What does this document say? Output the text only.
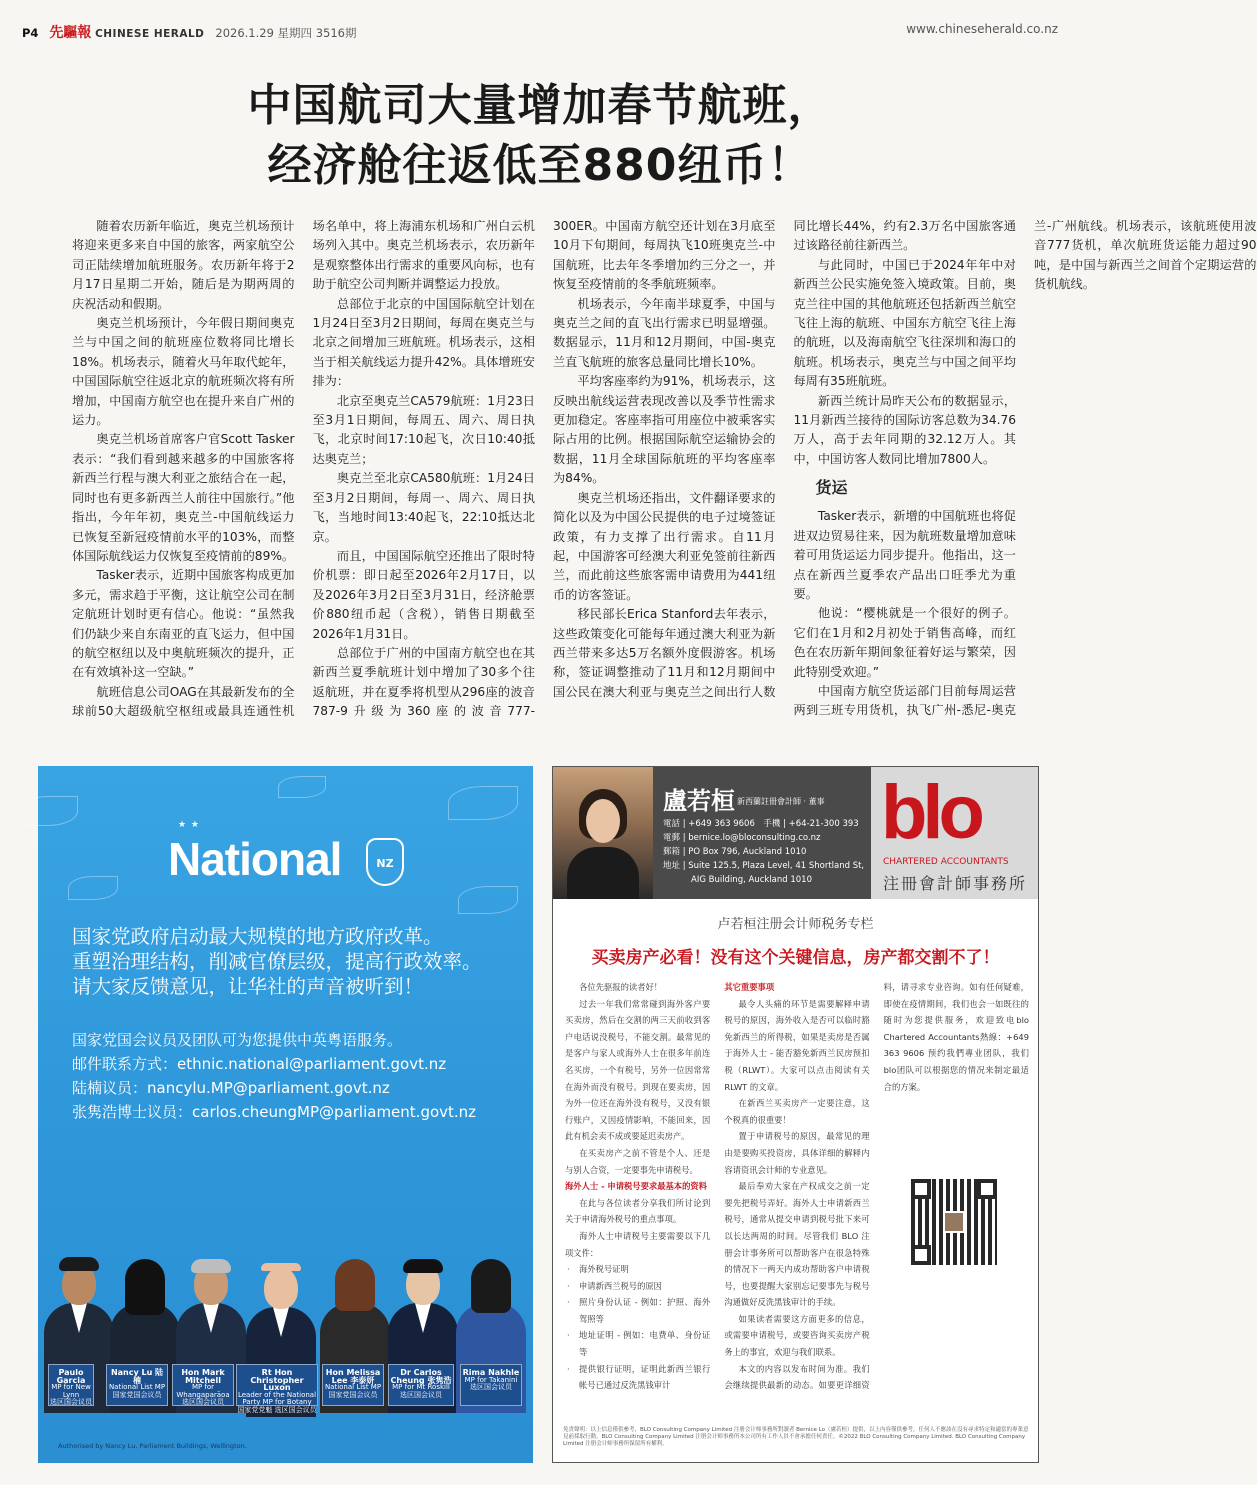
P4 先驅報 CHINESE HERALD 2026.1.29 星期四 3516期	www.chineseherald.co.nz
中国航司大量增加春节航班，
经济舱往返低至880纽币！

随着农历新年临近，奥克兰机场预计将迎来更多来自中国的旅客，两家航空公司正陆续增加航班服务。农历新年将于2月17日星期二开始，随后是为期两周的庆祝活动和假期。

奥克兰机场预计，今年假日期间奥克兰与中国之间的航班座位数将同比增长18%。机场表示，随着火马年取代蛇年，中国国际航空往返北京的航班频次将有所增加，中国南方航空也在提升来自广州的运力。

奥克兰机场首席客户官Scott Tasker表示：“我们看到越来越多的中国旅客将新西兰行程与澳大利亚之旅结合在一起，同时也有更多新西兰人前往中国旅行。”他指出，今年年初，奥克兰-中国航线运力已恢复至新冠疫情前水平的103%，而整体国际航线运力仅恢复至疫情前的89%。

Tasker表示，近期中国旅客构成更加多元，需求趋于平衡，这让航空公司在制定航班计划时更有信心。他说：“虽然我们仍缺少来自东南亚的直飞运力，但中国的航空枢纽以及中奥航班频次的提升，正在有效填补这一空缺。”

航班信息公司OAG在其最新发布的全球前50大超级航空枢纽或最具连通性机场名单中，将上海浦东机场和广州白云机场列入其中。奥克兰机场表示，农历新年是观察整体出行需求的重要风向标，也有助于航空公司判断并调整运力投放。

总部位于北京的中国国际航空计划在1月24日至3月2日期间，每周在奥克兰与北京之间增加三班航班。机场表示，这相当于相关航线运力提升42%。具体增班安排为：

北京至奥克兰CA579航班：1月23日至3月1日期间，每周五、周六、周日执飞，北京时间17:10起飞，次日10:40抵达奥克兰；

奥克兰至北京CA580航班：1月24日至3月2日期间，每周一、周六、周日执飞，当地时间13:40起飞，22:10抵达北京。

而且，中国国际航空还推出了限时特价机票：即日起至2026年2月17日，以及2026年3月2日至3月31日，经济舱票价880纽币起（含税），销售日期截至2026年1月31日。

总部位于广州的中国南方航空也在其新西兰夏季航班计划中增加了30多个往返航班，并在夏季将机型从296座的波音787-9升级为360座的波音777-300ER。中国南方航空还计划在3月底至10月下旬期间，每周执飞10班奥克兰-中国航班，比去年冬季增加约三分之一，并恢复至疫情前的冬季航班频率。

机场表示，今年南半球夏季，中国与奥克兰之间的直飞出行需求已明显增强。数据显示，11月和12月期间，中国-奥克兰直飞航班的旅客总量同比增长10%。

平均客座率约为91%，机场表示，这反映出航线运营表现改善以及季节性需求更加稳定。客座率指可用座位中被乘客实际占用的比例。根据国际航空运输协会的数据，11月全球国际航班的平均客座率为84%。

奥克兰机场还指出，文件翻译要求的简化以及为中国公民提供的电子过境签证政策，有力支撑了出行需求。自11月起，中国游客可经澳大利亚免签前往新西兰，而此前这些旅客需申请费用为441纽币的访客签证。

移民部长Erica Stanford去年表示，这些政策变化可能每年通过澳大利亚为新西兰带来多达5万名额外度假游客。机场称，签证调整推动了11月和12月期间中国公民在澳大利亚与奥克兰之间出行人数同比增长44%，约有2.3万名中国旅客通过该路径前往新西兰。

与此同时，中国已于2024年年中对新西兰公民实施免签入境政策。目前，奥克兰往中国的其他航班还包括新西兰航空飞往上海的航班、中国东方航空飞往上海的航班，以及海南航空飞往深圳和海口的航班。机场表示，奥克兰与中国之间平均每周有35班航班。

新西兰统计局昨天公布的数据显示，11月新西兰接待的国际访客总数为34.76万人，高于去年同期的32.12万人。其中，中国访客人数同比增加7800人。

货运

Tasker表示，新增的中国航班也将促进双边贸易往来，因为航班数量增加意味着可用货运运力同步提升。他指出，这一点在新西兰夏季农产品出口旺季尤为重要。

他说：“樱桃就是一个很好的例子。它们在1月和2月初处于销售高峰，而红色在农历新年期间象征着好运与繁荣，因此特别受欢迎。”

中国南方航空货运部门目前每周运营两到三班专用货机，执飞广州-悉尼-奥克兰-广州航线。机场表示，该航班使用波音777货机，单次航班货运能力超过90吨，是中国与新西兰之间首个定期运营的货机航线。

★ ★
National	NZ
国家党政府启动最大规模的地方政府改革。
重塑治理结构，削减官僚层级，提高行政效率。
请大家反馈意见，让华社的声音被听到！
国家党国会议员及团队可为您提供中英粤语服务。
邮件联系方式：ethnic.national@parliament.govt.nz
陆楠议员：nancylu.MP@parliament.govt.nz
张隽浩博士议员：carlos.cheungMP@parliament.govt.nz
Paulo Garcia
MP for New Lynn
选区国会议员
Nancy Lu 陆楠
National List MP
国家党国会议员
Hon Mark Mitchell
MP for Whangaparāoa
选区国会议员
Rt Hon Christopher Luxon
Leader of the National Party MP for Botany
国家党党魁 选区国会议员
Hon Melissa Lee 李泰妍
National List MP
国家党国会议员
Dr Carlos Cheung 张隽浩
MP for Mt Roskill
选区国会议员
Rima Nakhle
MP for Takanini
选区国会议员
Authorised by Nancy Lu, Parliament Buildings, Wellington.
盧若桓 新西蘭註冊會計師 · 董事
電話 | +649 363 9606　手機 | +64-21-300 393
電郵 | bernice.lo@bloconsulting.co.nz
郵箱 | PO Box 796, Auckland 1010
地址 | Suite 125.5, Plaza Level, 41 Shortland St,
AIG Building, Auckland 1010
blo
CHARTERED ACCOUNTANTS
注冊會計師事務所
卢若桓注册会计师税务专栏
买卖房产必看！没有这个关键信息，房产都交割不了！

各位先驱报的读者好！

过去一年我们常常碰到海外客户要买卖房，然后在交割的两三天前收到客户电话说没税号，不能交割。最常见的是客户与家人或海外人士在很多年前连名买房，一个有税号，另外一位因常常在海外而没有税号。到现在要卖房，因为外一位还在海外没有税号，又没有银行账户，又因疫情影响，不能回来，因此有机会卖不成或要延迟卖房产。

在买卖房产之前不管是个人、还是与别人合资，一定要事先申请税号。

海外人士 - 申请税号要求最基本的资料

在此与各位读者分享我们所讨论到关于申请海外税号的重点事项。

海外人士申请税号主要需要以下几项文件：

· 海外税号证明

· 申请新西兰税号的原因

· 照片身份认证 - 例如：护照、海外驾照等

· 地址证明 - 例如：电费单、身份证等

· 提供银行证明，证明此新西兰银行帐号已通过反洗黑钱审计

其它重要事项

最令人头痛的环节是需要解释申请税号的原因，海外收入是否可以临时豁免新西兰的所得税，如果是卖房是否属于海外人士 - 能否豁免新西兰民房预扣税（RLWT）。大家可以点击阅读有关 RLWT 的文章。

在新西兰买卖房产一定要注意，这个税真的很重要！

置于申请税号的原因，最常见的理由是要购买投资房，具体详细的解释内容请资讯会计师的专业意见。

最后奉劝大家在产权成交之前一定要先把税号弄好。海外人士申请新西兰税号，通常从提交申请到税号批下来可以长达两周的时间。尽管我们 BLO 注册会计事务所可以帮助客户在很急特殊的情况下一两天内成功帮助客户申请税号，也要提醒大家别忘记要事先与税号沟通做好反洗黑钱审计的手续。

如果读者需要这方面更多的信息，或需要申请税号，或要咨询买卖房产税务上的事宜，欢迎与我们联系。

本文的内容以发布时间为准。我们会继续提供最新的动态。如要更详细资料，请寻求专业咨询。如有任何疑难，即使在疫情期间，我们也会一如既往的随时为您提供服务，欢迎致电blo Chartered Accountants熱線：+649 363 9606 预约我們專业团队，我们blo团队可以根据您的情况来制定最适合的方案。

免責聲明：以上信息僅供參考，BLO Consulting Company Limited 注册会计师事務所對讀者 Bernice Lo（盧若桓）提供，以上內容僅供參考，任何人不應該在沒有尋求特定和適當的專業意見前採取行動。BLO Consulting Company Limited 注册会计师事務所本公司所有工作人員不會承擔任何責任。©2022 BLO Consulting Company Limited. BLO Consulting Company Limited 注册会计师事務所保留所有權利。
